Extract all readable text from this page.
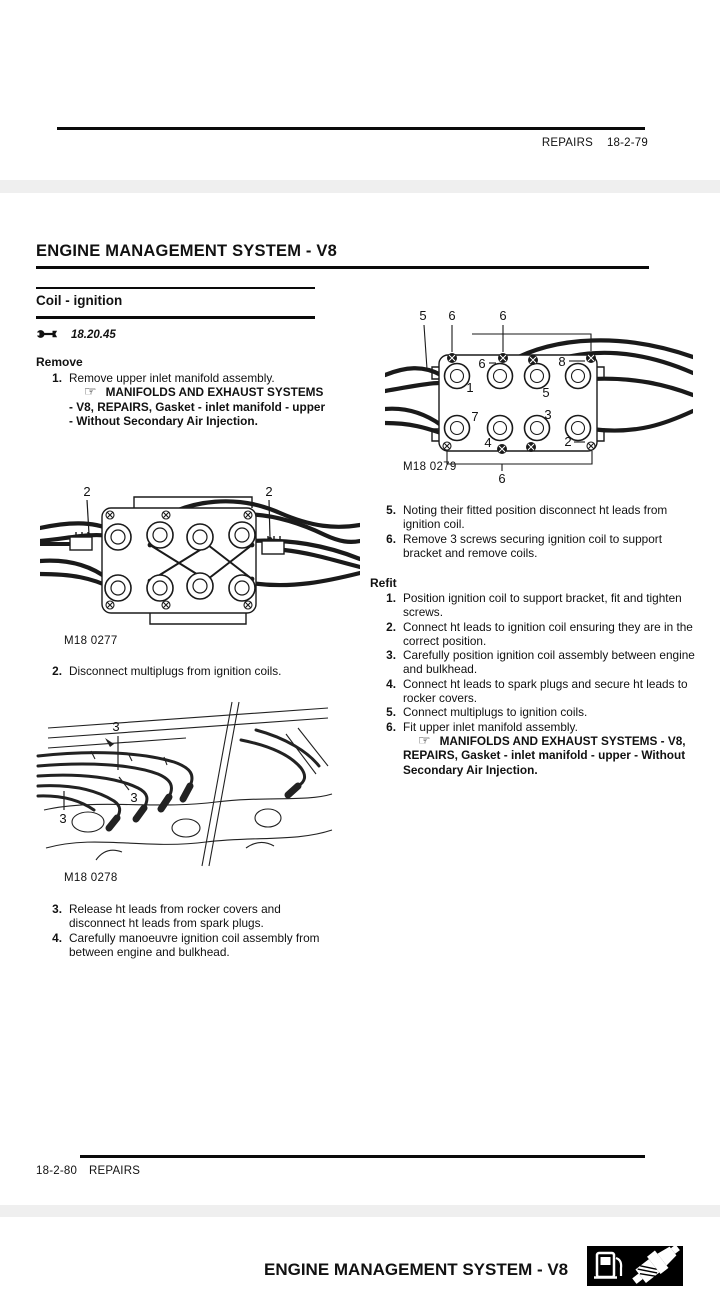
REPAIRS 18-2-79
ENGINE MANAGEMENT SYSTEM - V8
Coil - ignition
18.20.45
Remove
1. Remove upper inlet manifold assembly.

☞ MANIFOLDS AND EXHAUST SYSTEMS - V8, REPAIRS, Gasket - inlet manifold - upper - Without Secondary Air Injection.

2	2
M18 0277
2. Disconnect multiplugs from ignition coils.
3
3
3
M18 0278
3. Release ht leads from rocker covers and disconnect ht leads from spark plugs.
4. Carefully manoeuvre ignition coil assembly from between engine and bulkhead.
5 6	6
6	8
1
7
5
3
4	2
6
M18 0279
5. Noting their fitted position disconnect ht leads from ignition coil.
6. Remove 3 screws securing ignition coil to support bracket and remove coils.
Refit
1. Position ignition coil to support bracket, fit and tighten screws.
2. Connect ht leads to ignition coil ensuring they are in the correct position.
3. Carefully position ignition coil assembly between engine and bulkhead.
4. Connect ht leads to spark plugs and secure ht leads to rocker covers.
5. Connect multiplugs to ignition coils.
6. Fit upper inlet manifold assembly.

☞ MANIFOLDS AND EXHAUST SYSTEMS - V8, REPAIRS, Gasket - inlet manifold - upper - Without Secondary Air Injection.

18-2-80 REPAIRS
ENGINE MANAGEMENT SYSTEM - V8
